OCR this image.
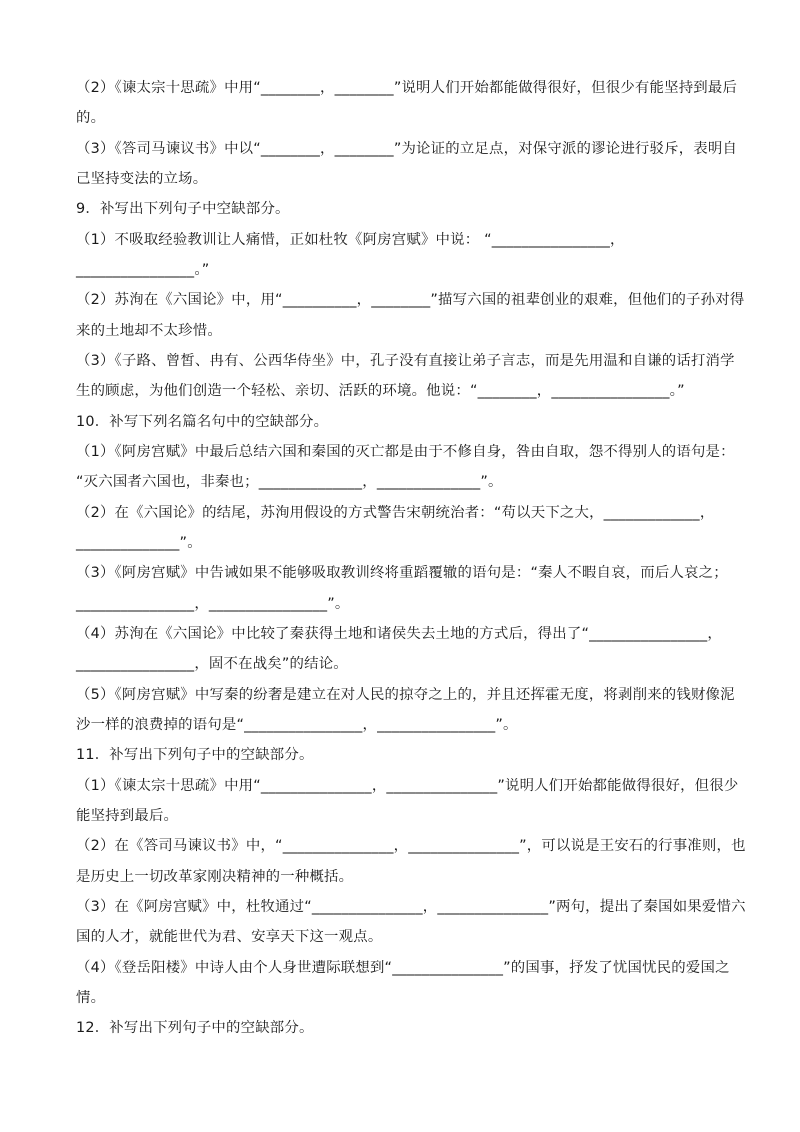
（2）《谏太宗十思疏》中用“________，________”说明人们开始都能做得很好，但很少有能坚持到最后
的。
（3）《答司马谏议书》中以“________，________”为论证的立足点，对保守派的谬论进行驳斥，表明自
己坚持变法的立场。
9．补写出下列句子中空缺部分。
（1）不吸取经验教训让人痛惜，正如杜牧《阿房宫赋》中说： “________________，
________________。”
（2）苏洵在《六国论》中，用“__________，________”描写六国的祖辈创业的艰难，但他们的子孙对得
来的土地却不太珍惜。
（3）《子路、曾皙、冉有、公西华侍坐》中，孔子没有直接让弟子言志，而是先用温和自谦的话打消学
生的顾虑，为他们创造一个轻松、亲切、活跃的环境。他说：“________，________________。”
10．补写下列名篇名句中的空缺部分。
（1）《阿房宫赋》中最后总结六国和秦国的灭亡都是由于不修自身，咎由自取，怨不得别人的语句是：
“灭六国者六国也，非秦也；______________，______________”。
（2）在《六国论》的结尾，苏洵用假设的方式警告宋朝统治者：“苟以天下之大，_____________，
______________”。
（3）《阿房宫赋》中告诫如果不能够吸取教训终将重蹈覆辙的语句是：“秦人不暇自哀，而后人哀之；
________________，________________”。
（4）苏洵在《六国论》中比较了秦获得土地和诸侯失去土地的方式后，得出了“________________，
________________，固不在战矣”的结论。
（5）《阿房宫赋》中写秦的纷奢是建立在对人民的掠夺之上的，并且还挥霍无度，将剥削来的钱财像泥
沙一样的浪费掉的语句是“________________，________________”。
11．补写出下列句子中的空缺部分。
（1）《谏太宗十思疏》中用“_______________，_______________”说明人们开始都能做得很好，但很少
能坚持到最后。
（2）在《答司马谏议书》中，“_______________，_______________”，可以说是王安石的行事准则，也
是历史上一切改革家刚决精神的一种概括。
（3）在《阿房宫赋》中，杜牧通过“_______________，_______________”两句，提出了秦国如果爱惜六
国的人才，就能世代为君、安享天下这一观点。
（4）《登岳阳楼》中诗人由个人身世遭际联想到“_______________”的国事，抒发了忧国忧民的爱国之
情。
12．补写出下列句子中的空缺部分。
